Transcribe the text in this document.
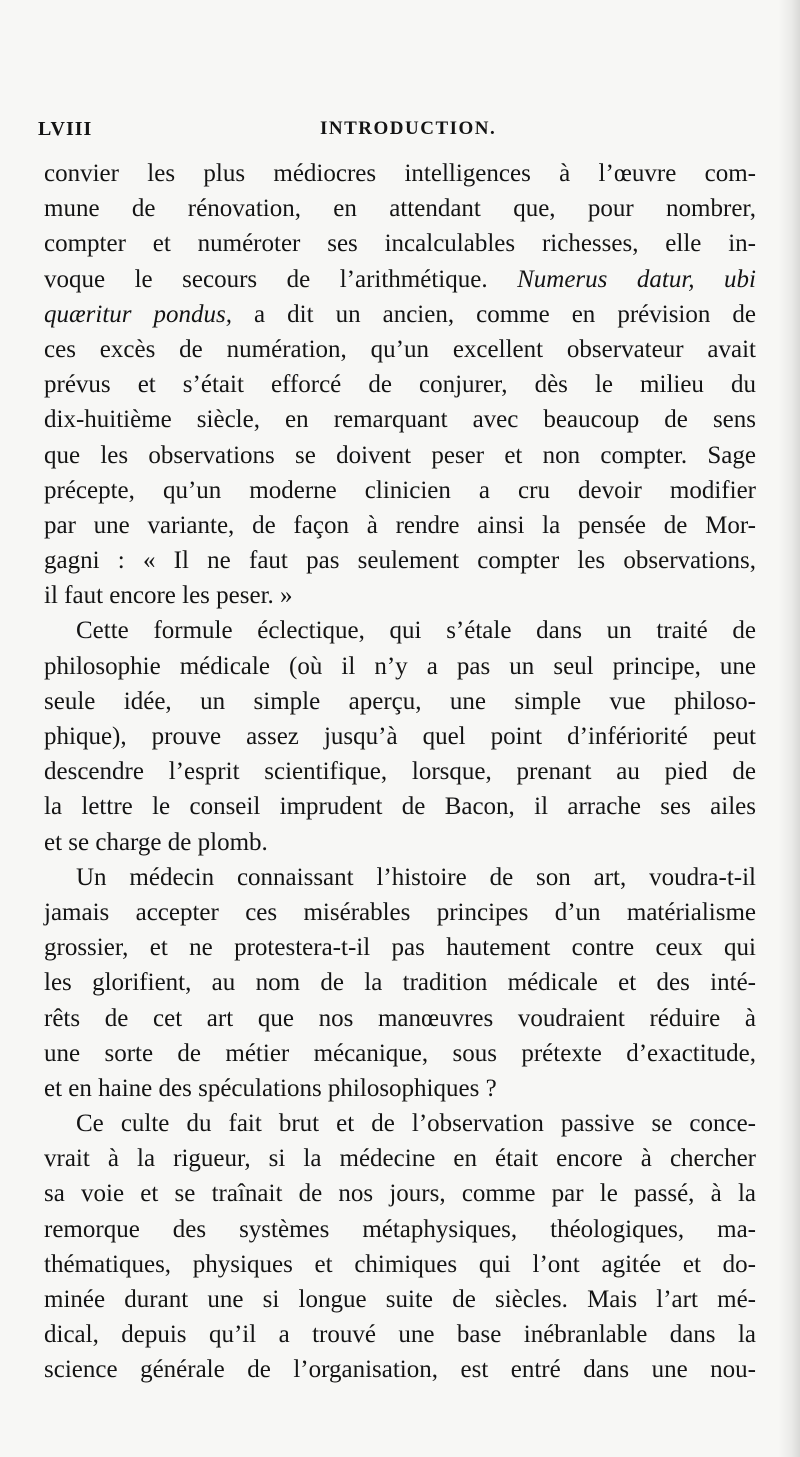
LVIII	INTRODUCTION.
convier les plus médiocres intelligences à l’œuvre com-
mune de rénovation, en attendant que, pour nombrer,
compter et numéroter ses incalculables richesses, elle in-
voque le secours de l’arithmétique. Numerus datur, ubi
quæritur pondus, a dit un ancien, comme en prévision de
ces excès de numération, qu’un excellent observateur avait
prévus et s’était efforcé de conjurer, dès le milieu du
dix-huitième siècle, en remarquant avec beaucoup de sens
que les observations se doivent peser et non compter. Sage
précepte, qu’un moderne clinicien a cru devoir modifier
par une variante, de façon à rendre ainsi la pensée de Mor-
gagni : « Il ne faut pas seulement compter les observations,
il faut encore les peser. »
Cette formule éclectique, qui s’étale dans un traité de
philosophie médicale (où il n’y a pas un seul principe, une
seule idée, un simple aperçu, une simple vue philoso-
phique), prouve assez jusqu’à quel point d’infériorité peut
descendre l’esprit scientifique, lorsque, prenant au pied de
la lettre le conseil imprudent de Bacon, il arrache ses ailes
et se charge de plomb.
Un médecin connaissant l’histoire de son art, voudra-t-il
jamais accepter ces misérables principes d’un matérialisme
grossier, et ne protestera-t-il pas hautement contre ceux qui
les glorifient, au nom de la tradition médicale et des inté-
rêts de cet art que nos manœuvres voudraient réduire à
une sorte de métier mécanique, sous prétexte d’exactitude,
et en haine des spéculations philosophiques ?
Ce culte du fait brut et de l’observation passive se conce-
vrait à la rigueur, si la médecine en était encore à chercher
sa voie et se traînait de nos jours, comme par le passé, à la
remorque des systèmes métaphysiques, théologiques, ma-
thématiques, physiques et chimiques qui l’ont agitée et do-
minée durant une si longue suite de siècles. Mais l’art mé-
dical, depuis qu’il a trouvé une base inébranlable dans la
science générale de l’organisation, est entré dans une nou-
